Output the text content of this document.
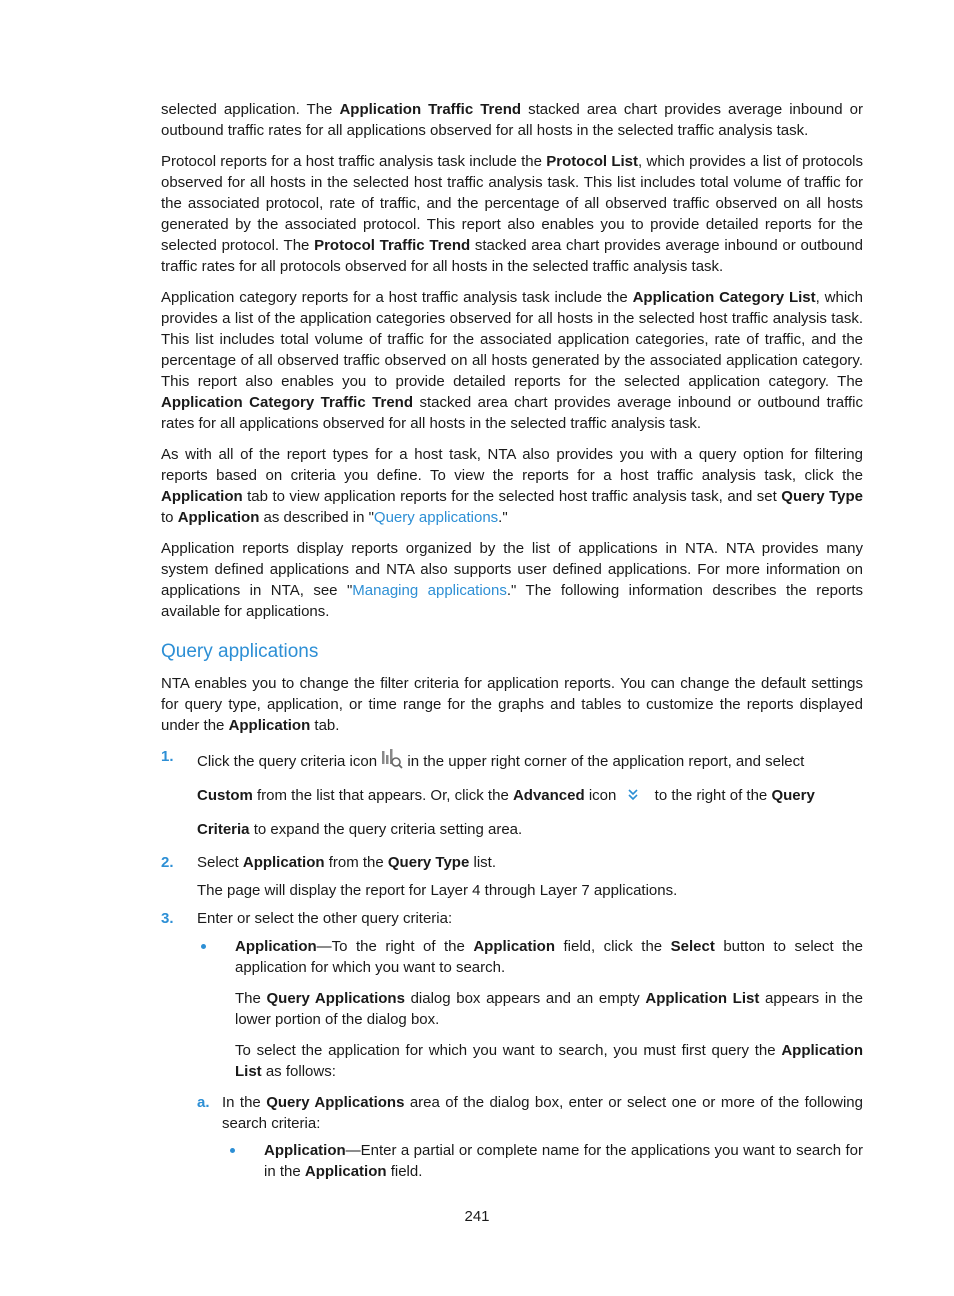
selected application. The Application Traffic Trend stacked area chart provides average inbound or outbound traffic rates for all applications observed for all hosts in the selected traffic analysis task.

Protocol reports for a host traffic analysis task include the Protocol List, which provides a list of protocols observed for all hosts in the selected host traffic analysis task. This list includes total volume of traffic for the associated protocol, rate of traffic, and the percentage of all observed traffic observed on all hosts generated by the associated protocol. This report also enables you to provide detailed reports for the selected protocol. The Protocol Traffic Trend stacked area chart provides average inbound or outbound traffic rates for all protocols observed for all hosts in the selected traffic analysis task.

Application category reports for a host traffic analysis task include the Application Category List, which provides a list of the application categories observed for all hosts in the selected host traffic analysis task. This list includes total volume of traffic for the associated application categories, rate of traffic, and the percentage of all observed traffic observed on all hosts generated by the associated application category. This report also enables you to provide detailed reports for the selected application category. The Application Category Traffic Trend stacked area chart provides average inbound or outbound traffic rates for all applications observed for all hosts in the selected traffic analysis task.

As with all of the report types for a host task, NTA also provides you with a query option for filtering reports based on criteria you define. To view the reports for a host traffic analysis task, click the Application tab to view application reports for the selected host traffic analysis task, and set Query Type to Application as described in "Query applications."

Application reports display reports organized by the list of applications in NTA. NTA provides many system defined applications and NTA also supports user defined applications. For more information on applications in NTA, see "Managing applications." The following information describes the reports available for applications.

Query applications

NTA enables you to change the filter criteria for application reports. You can change the default settings for query type, application, or time range for the graphs and tables to customize the reports displayed under the Application tab.

1. Click the query criteria icon  in the upper right corner of the application report, and select Custom from the list that appears. Or, click the Advanced icon  to the right of the Query Criteria to expand the query criteria setting area.
2. Select Application from the Query Type list.
The page will display the report for Layer 4 through Layer 7 applications.
3. Enter or select the other query criteria:
Application—To the right of the Application field, click the Select button to select the application for which you want to search.
The Query Applications dialog box appears and an empty Application List appears in the lower portion of the dialog box.
To select the application for which you want to search, you must first query the Application List as follows:
a. In the Query Applications area of the dialog box, enter or select one or more of the following search criteria:
Application—Enter a partial or complete name for the applications you want to search for in the Application field.
241
